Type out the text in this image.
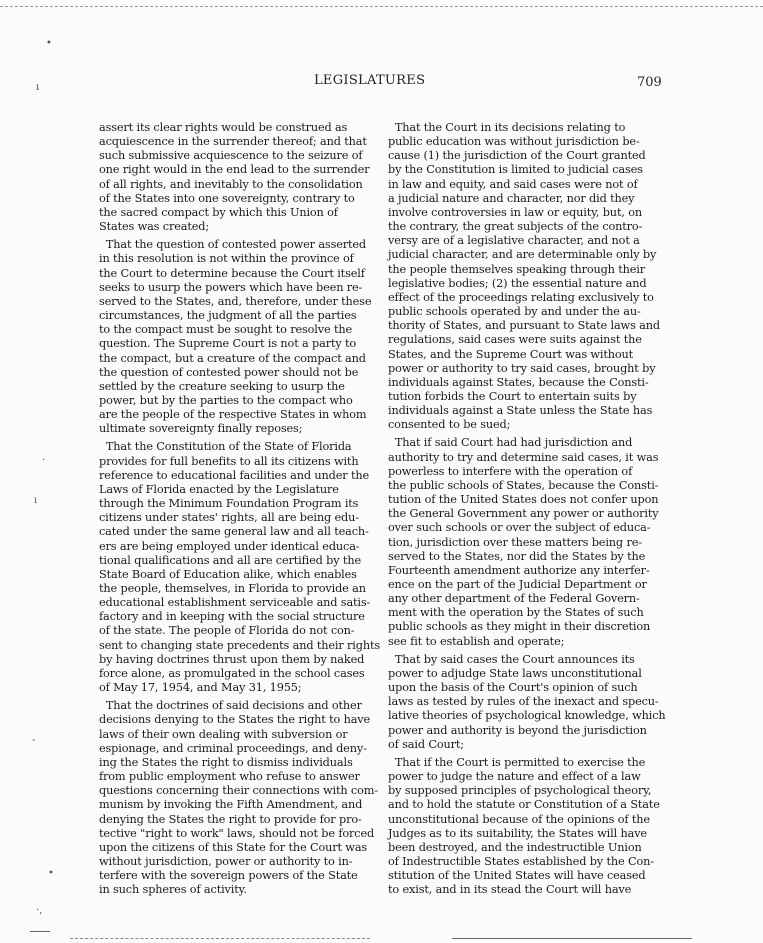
LEGISLATURES	709

assert its clear rights would be construed as
acquiescence in the surrender thereof; and that
such submissive acquiescence to the seizure of
one right would in the end lead to the surrender
of all rights, and inevitably to the consolidation
of the States into one sovereignty, contrary to
the sacred compact by which this Union of
States was created;

That the question of contested power asserted
in this resolution is not within the province of
the Court to determine because the Court itself
seeks to usurp the powers which have been re-
served to the States, and, therefore, under these
circumstances, the judgment of all the parties
to the compact must be sought to resolve the
question. The Supreme Court is not a party to
the compact, but a creature of the compact and
the question of contested power should not be
settled by the creature seeking to usurp the
power, but by the parties to the compact who
are the people of the respective States in whom
ultimate sovereignty finally reposes;

That the Constitution of the State of Florida
provides for full benefits to all its citizens with
reference to educational facilities and under the
Laws of Florida enacted by the Legislature
through the Minimum Foundation Program its
citizens under states' rights, all are being edu-
cated under the same general law and all teach-
ers are being employed under identical educa-
tional qualifications and all are certified by the
State Board of Education alike, which enables
the people, themselves, in Florida to provide an
educational establishment serviceable and satis-
factory and in keeping with the social structure
of the state. The people of Florida do not con-
sent to changing state precedents and their rights
by having doctrines thrust upon them by naked
force alone, as promulgated in the school cases
of May 17, 1954, and May 31, 1955;

That the doctrines of said decisions and other
decisions denying to the States the right to have
laws of their own dealing with subversion or
espionage, and criminal proceedings, and deny-
ing the States the right to dismiss individuals
from public employment who refuse to answer
questions concerning their connections with com-
munism by invoking the Fifth Amendment, and
denying the States the right to provide for pro-
tective "right to work" laws, should not be forced
upon the citizens of this State for the Court was
without jurisdiction, power or authority to in-
terfere with the sovereign powers of the State
in such spheres of activity.

That the Court in its decisions relating to
public education was without jurisdiction be-
cause (1) the jurisdiction of the Court granted
by the Constitution is limited to judicial cases
in law and equity, and said cases were not of
a judicial nature and character, nor did they
involve controversies in law or equity, but, on
the contrary, the great subjects of the contro-
versy are of a legislative character, and not a
judicial character, and are determinable only by
the people themselves speaking through their
legislative bodies; (2) the essential nature and
effect of the proceedings relating exclusively to
public schools operated by and under the au-
thority of States, and pursuant to State laws and
regulations, said cases were suits against the
States, and the Supreme Court was without
power or authority to try said cases, brought by
individuals against States, because the Consti-
tution forbids the Court to entertain suits by
individuals against a State unless the State has
consented to be sued;

That if said Court had had jurisdiction and
authority to try and determine said cases, it was
powerless to interfere with the operation of
the public schools of States, because the Consti-
tution of the United States does not confer upon
the General Government any power or authority
over such schools or over the subject of educa-
tion, jurisdiction over these matters being re-
served to the States, nor did the States by the
Fourteenth amendment authorize any interfer-
ence on the part of the Judicial Department or
any other department of the Federal Govern-
ment with the operation by the States of such
public schools as they might in their discretion
see fit to establish and operate;

That by said cases the Court announces its
power to adjudge State laws unconstitutional
upon the basis of the Court's opinion of such
laws as tested by rules of the inexact and specu-
lative theories of psychological knowledge, which
power and authority is beyond the jurisdiction
of said Court;

That if the Court is permitted to exercise the
power to judge the nature and effect of a law
by supposed principles of psychological theory,
and to hold the statute or Constitution of a State
unconstitutional because of the opinions of the
Judges as to its suitability, the States will have
been destroyed, and the indestructible Union
of Indestructible States established by the Con-
stitution of the United States will have ceased
to exist, and in its stead the Court will have

•
ı
·
ı
-
•
·,
